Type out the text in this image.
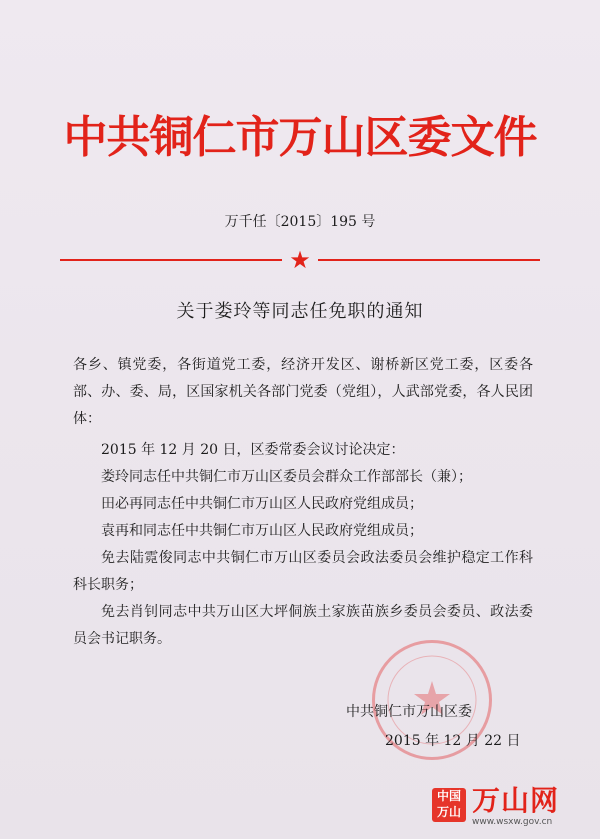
中共铜仁市万山区委文件
万千任〔2015〕195 号
★
关于娄玲等同志任免职的通知

各乡、镇党委，各街道党工委，经济开发区、谢桥新区党工委，区委各部、办、委、局，区国家机关各部门党委（党组），人武部党委，各人民团体：

2015 年 12 月 20 日，区委常委会议讨论决定：

娄玲同志任中共铜仁市万山区委员会群众工作部部长（兼）；

田必再同志任中共铜仁市万山区人民政府党组成员；

袁再和同志任中共铜仁市万山区人民政府党组成员；

免去陆霓俊同志中共铜仁市万山区委员会政法委员会维护稳定工作科科长职务；

免去肖钊同志中共万山区大坪侗族土家族苗族乡委员会委员、政法委员会书记职务。

中共铜仁市万山区委
2015 年 12 月 22 日
中国万山 万山网
www.wsxw.gov.cn
